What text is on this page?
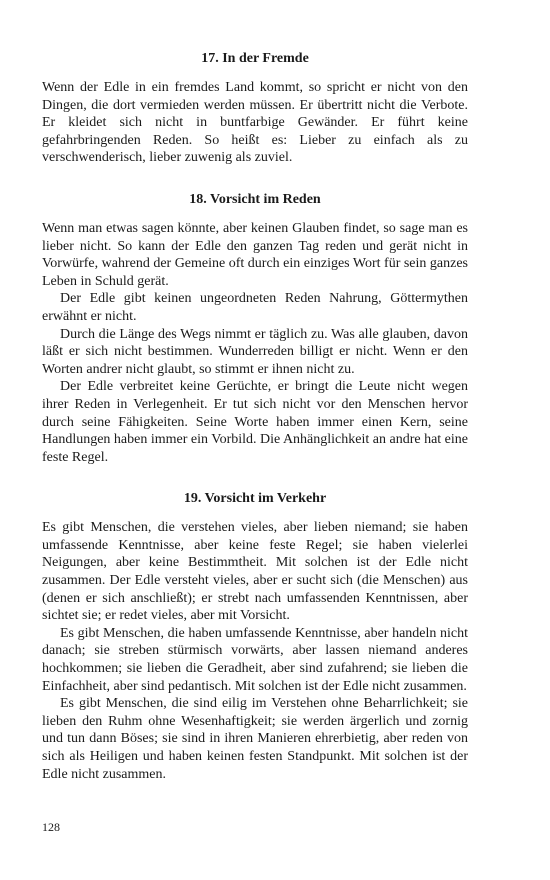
17. In der Fremde

Wenn der Edle in ein fremdes Land kommt, so spricht er nicht von den Dingen, die dort vermieden werden müssen. Er übertritt nicht die Verbote. Er kleidet sich nicht in buntfarbige Gewänder. Er führt keine gefahrbringenden Reden. So heißt es: Lieber zu einfach als zu verschwenderisch, lieber zuwenig als zuviel.

18. Vorsicht im Reden

Wenn man etwas sagen könnte, aber keinen Glauben findet, so sage man es lieber nicht. So kann der Edle den ganzen Tag reden und gerät nicht in Vorwürfe, wahrend der Gemeine oft durch ein einziges Wort für sein ganzes Leben in Schuld gerät.

Der Edle gibt keinen ungeordneten Reden Nahrung, Göttermythen erwähnt er nicht.

Durch die Länge des Wegs nimmt er täglich zu. Was alle glauben, davon läßt er sich nicht bestimmen. Wunderreden billigt er nicht. Wenn er den Worten andrer nicht glaubt, so stimmt er ihnen nicht zu.

Der Edle verbreitet keine Gerüchte, er bringt die Leute nicht wegen ihrer Reden in Verlegenheit. Er tut sich nicht vor den Menschen hervor durch seine Fähigkeiten. Seine Worte haben immer einen Kern, seine Handlungen haben immer ein Vorbild. Die Anhänglichkeit an andre hat eine feste Regel.

19. Vorsicht im Verkehr

Es gibt Menschen, die verstehen vieles, aber lieben niemand; sie haben umfassende Kenntnisse, aber keine feste Regel; sie haben vielerlei Neigungen, aber keine Bestimmtheit. Mit solchen ist der Edle nicht zusammen. Der Edle versteht vieles, aber er sucht sich (die Menschen) aus (denen er sich anschließt); er strebt nach umfassenden Kenntnissen, aber sichtet sie; er redet vieles, aber mit Vorsicht.

Es gibt Menschen, die haben umfassende Kenntnisse, aber handeln nicht danach; sie streben stürmisch vorwärts, aber lassen niemand anderes hochkommen; sie lieben die Geradheit, aber sind zufahrend; sie lieben die Einfachheit, aber sind pedantisch. Mit solchen ist der Edle nicht zusammen.

Es gibt Menschen, die sind eilig im Verstehen ohne Beharrlichkeit; sie lieben den Ruhm ohne Wesenhaftigkeit; sie werden ärgerlich und zornig und tun dann Böses; sie sind in ihren Manieren ehrerbietig, aber reden von sich als Heiligen und haben keinen festen Standpunkt. Mit solchen ist der Edle nicht zusammen.

128
